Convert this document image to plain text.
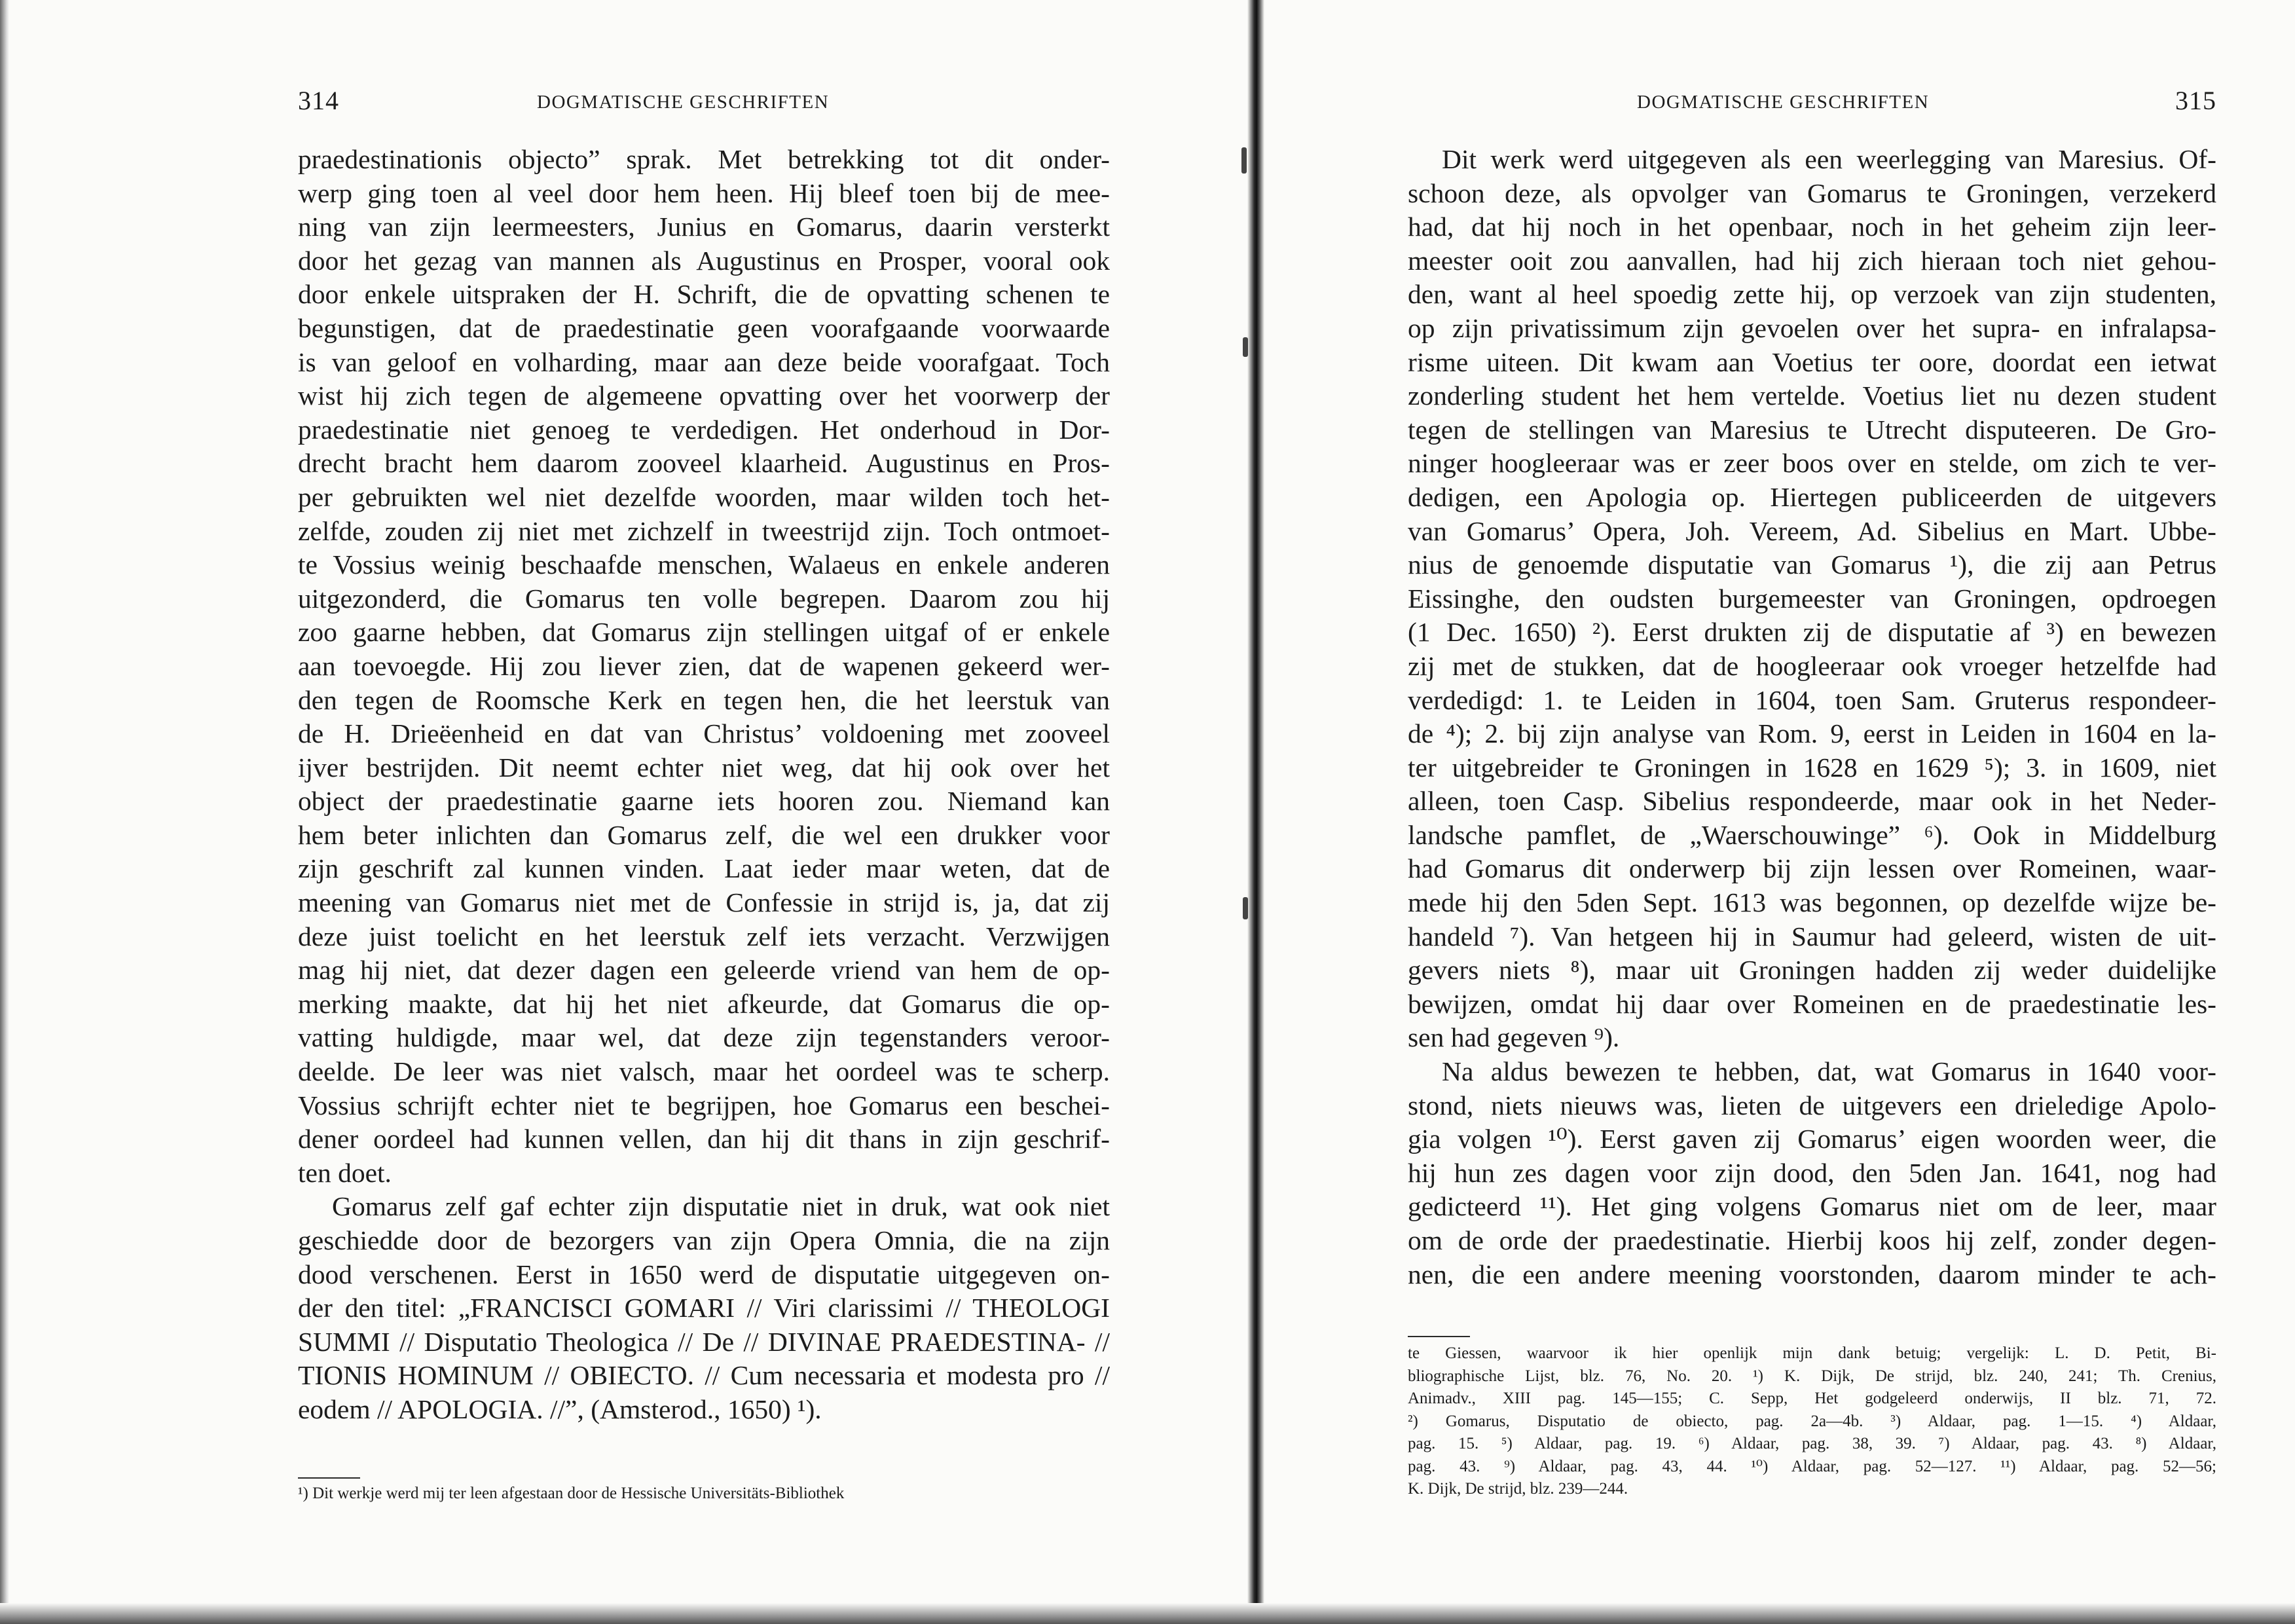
314	DOGMATISCHE GESCHRIFTEN

praedestinationis objecto” sprak. Met betrekking tot dit onder-

werp ging toen al veel door hem heen. Hij bleef toen bij de mee-

ning van zijn leermeesters, Junius en Gomarus, daarin versterkt

door het gezag van mannen als Augustinus en Prosper, vooral ook

door enkele uitspraken der H. Schrift, die de opvatting schenen te

begunstigen, dat de praedestinatie geen voorafgaande voorwaarde

is van geloof en volharding, maar aan deze beide voorafgaat. Toch

wist hij zich tegen de algemeene opvatting over het voorwerp der

praedestinatie niet genoeg te verdedigen. Het onderhoud in Dor-

drecht bracht hem daarom zooveel klaarheid. Augustinus en Pros-

per gebruikten wel niet dezelfde woorden, maar wilden toch het-

zelfde, zouden zij niet met zichzelf in tweestrijd zijn. Toch ontmoet-

te Vossius weinig beschaafde menschen, Walaeus en enkele anderen

uitgezonderd, die Gomarus ten volle begrepen. Daarom zou hij

zoo gaarne hebben, dat Gomarus zijn stellingen uitgaf of er enkele

aan toevoegde. Hij zou liever zien, dat de wapenen gekeerd wer-

den tegen de Roomsche Kerk en tegen hen, die het leerstuk van

de H. Drieëenheid en dat van Christus’ voldoening met zooveel

ijver bestrijden. Dit neemt echter niet weg, dat hij ook over het

object der praedestinatie gaarne iets hooren zou. Niemand kan

hem beter inlichten dan Gomarus zelf, die wel een drukker voor

zijn geschrift zal kunnen vinden. Laat ieder maar weten, dat de

meening van Gomarus niet met de Confessie in strijd is, ja, dat zij

deze juist toelicht en het leerstuk zelf iets verzacht. Verzwijgen

mag hij niet, dat dezer dagen een geleerde vriend van hem de op-

merking maakte, dat hij het niet afkeurde, dat Gomarus die op-

vatting huldigde, maar wel, dat deze zijn tegenstanders veroor-

deelde. De leer was niet valsch, maar het oordeel was te scherp.

Vossius schrijft echter niet te begrijpen, hoe Gomarus een beschei-

dener oordeel had kunnen vellen, dan hij dit thans in zijn geschrif-

ten doet.

Gomarus zelf gaf echter zijn disputatie niet in druk, wat ook niet

geschiedde door de bezorgers van zijn Opera Omnia, die na zijn

dood verschenen. Eerst in 1650 werd de disputatie uitgegeven on-

der den titel: „FRANCISCI GOMARI // Viri clarissimi // THEOLOGI

SUMMI // Disputatio Theologica // De // DIVINAE PRAEDESTINA- //

TIONIS HOMINUM // OBIECTO. // Cum necessaria et modesta pro //

eodem // APOLOGIA. //”, (Amsterod., 1650) ¹).

¹) Dit werkje werd mij ter leen afgestaan door de Hessische Universitäts-Bibliothek

DOGMATISCHE GESCHRIFTEN	315

Dit werk werd uitgegeven als een weerlegging van Maresius. Of-

schoon deze, als opvolger van Gomarus te Groningen, verzekerd

had, dat hij noch in het openbaar, noch in het geheim zijn leer-

meester ooit zou aanvallen, had hij zich hieraan toch niet gehou-

den, want al heel spoedig zette hij, op verzoek van zijn studenten,

op zijn privatissimum zijn gevoelen over het supra- en infralapsa-

risme uiteen. Dit kwam aan Voetius ter oore, doordat een ietwat

zonderling student het hem vertelde. Voetius liet nu dezen student

tegen de stellingen van Maresius te Utrecht disputeeren. De Gro-

ninger hoogleeraar was er zeer boos over en stelde, om zich te ver-

dedigen, een Apologia op. Hiertegen publiceerden de uitgevers

van Gomarus’ Opera, Joh. Vereem, Ad. Sibelius en Mart. Ubbe-

nius de genoemde disputatie van Gomarus ¹), die zij aan Petrus

Eissinghe, den oudsten burgemeester van Groningen, opdroegen

(1 Dec. 1650) ²). Eerst drukten zij de disputatie af ³) en bewezen

zij met de stukken, dat de hoogleeraar ook vroeger hetzelfde had

verdedigd: 1. te Leiden in 1604, toen Sam. Gruterus respondeer-

de ⁴); 2. bij zijn analyse van Rom. 9, eerst in Leiden in 1604 en la-

ter uitgebreider te Groningen in 1628 en 1629 ⁵); 3. in 1609, niet

alleen, toen Casp. Sibelius respondeerde, maar ook in het Neder-

landsche pamflet, de „Waerschouwinge” ⁶). Ook in Middelburg

had Gomarus dit onderwerp bij zijn lessen over Romeinen, waar-

mede hij den 5den Sept. 1613 was begonnen, op dezelfde wijze be-

handeld ⁷). Van hetgeen hij in Saumur had geleerd, wisten de uit-

gevers niets ⁸), maar uit Groningen hadden zij weder duidelijke

bewijzen, omdat hij daar over Romeinen en de praedestinatie les-

sen had gegeven ⁹).

Na aldus bewezen te hebben, dat, wat Gomarus in 1640 voor-

stond, niets nieuws was, lieten de uitgevers een drieledige Apolo-

gia volgen ¹⁰). Eerst gaven zij Gomarus’ eigen woorden weer, die

hij hun zes dagen voor zijn dood, den 5den Jan. 1641, nog had

gedicteerd ¹¹). Het ging volgens Gomarus niet om de leer, maar

om de orde der praedestinatie. Hierbij koos hij zelf, zonder degen-

nen, die een andere meening voorstonden, daarom minder te ach-

te Giessen, waarvoor ik hier openlijk mijn dank betuig; vergelijk: L. D. Petit, Bi-

bliographische Lijst, blz. 76, No. 20. ¹) K. Dijk, De strijd, blz. 240, 241; Th. Crenius,

Animadv., XIII pag. 145—155; C. Sepp, Het godgeleerd onderwijs, II blz. 71, 72.

²) Gomarus, Disputatio de obiecto, pag. 2a—4b. ³) Aldaar, pag. 1—15. ⁴) Aldaar,

pag. 15. ⁵) Aldaar, pag. 19. ⁶) Aldaar, pag. 38, 39. ⁷) Aldaar, pag. 43. ⁸) Aldaar,

pag. 43. ⁹) Aldaar, pag. 43, 44. ¹⁰) Aldaar, pag. 52—127. ¹¹) Aldaar, pag. 52—56;

K. Dijk, De strijd, blz. 239—244.
